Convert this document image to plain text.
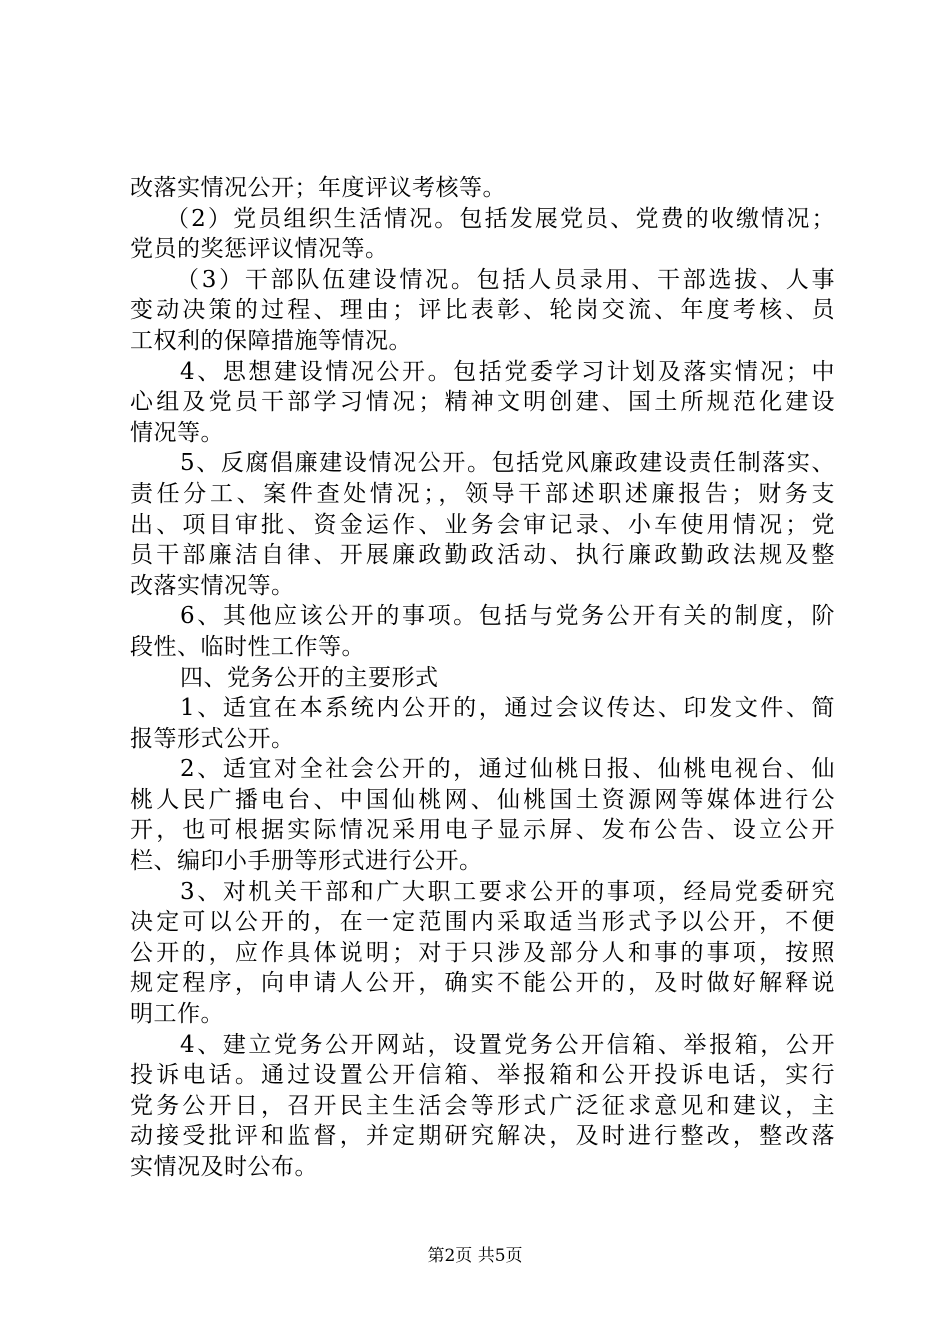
改落实情况公开；年度评议考核等。
（2）党员组织生活情况。包括发展党员、党费的收缴情况；
党员的奖惩评议情况等。
（3）干部队伍建设情况。包括人员录用、干部选拔、人事
变动决策的过程、理由；评比表彰、轮岗交流、年度考核、员
工权利的保障措施等情况。
4、思想建设情况公开。包括党委学习计划及落实情况；中
心组及党员干部学习情况；精神文明创建、国土所规范化建设
情况等。
5、反腐倡廉建设情况公开。包括党风廉政建设责任制落实、
责任分工、案件查处情况；，领导干部述职述廉报告；财务支
出、项目审批、资金运作、业务会审记录、小车使用情况；党
员干部廉洁自律、开展廉政勤政活动、执行廉政勤政法规及整
改落实情况等。
6、其他应该公开的事项。包括与党务公开有关的制度，阶
段性、临时性工作等。
四、党务公开的主要形式
1、适宜在本系统内公开的，通过会议传达、印发文件、简
报等形式公开。
2、适宜对全社会公开的，通过仙桃日报、仙桃电视台、仙
桃人民广播电台、中国仙桃网、仙桃国土资源网等媒体进行公
开，也可根据实际情况采用电子显示屏、发布公告、设立公开
栏、编印小手册等形式进行公开。
3、对机关干部和广大职工要求公开的事项，经局党委研究
决定可以公开的，在一定范围内采取适当形式予以公开，不便
公开的，应作具体说明；对于只涉及部分人和事的事项，按照
规定程序，向申请人公开，确实不能公开的，及时做好解释说
明工作。
4、建立党务公开网站，设置党务公开信箱、举报箱，公开
投诉电话。通过设置公开信箱、举报箱和公开投诉电话，实行
党务公开日，召开民主生活会等形式广泛征求意见和建议，主
动接受批评和监督，并定期研究解决，及时进行整改，整改落
实情况及时公布。
第2页 共5页
